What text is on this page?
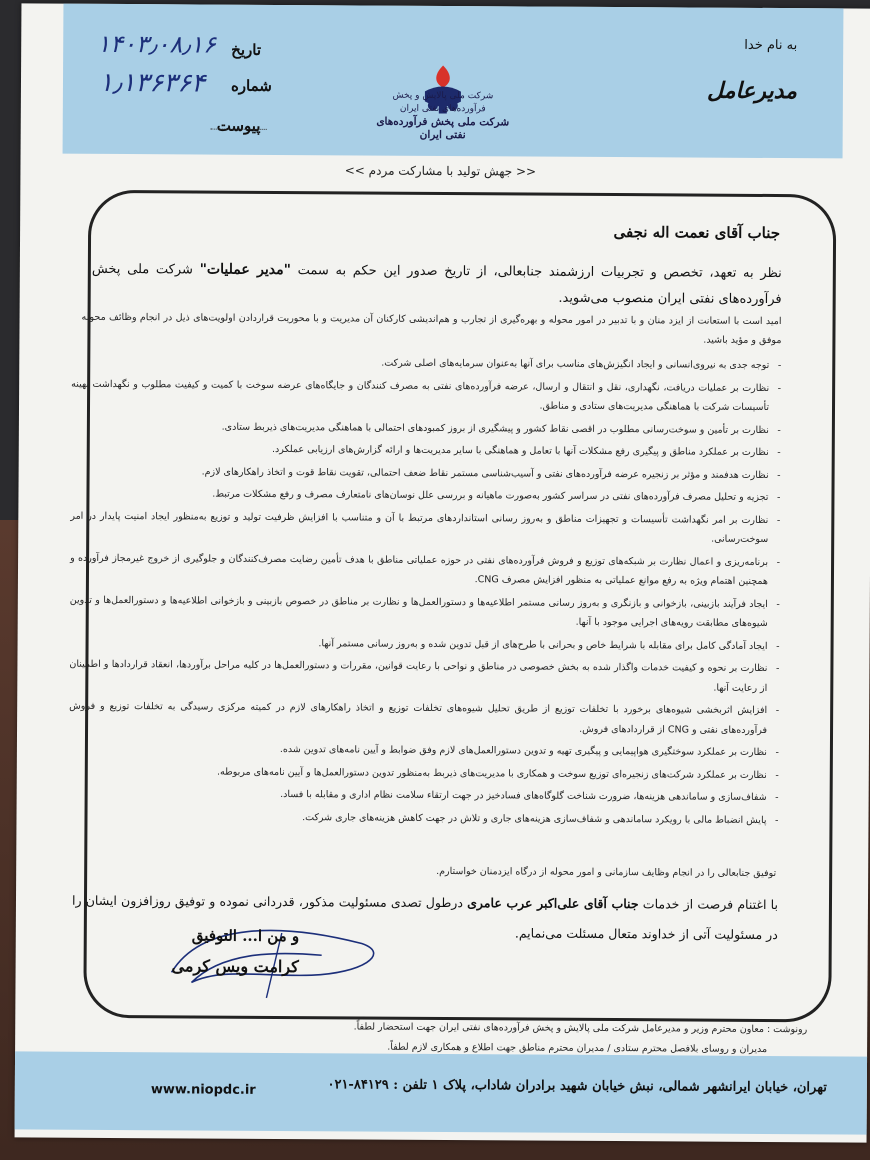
به نام خدا
مدیرعامل
تاریخ
۱۴۰۳٫۰۸٫۱۶
شماره
۱٫۱۳۶۳۶۴
پیوست
شرکت ملی پالایش و پخش فرآورده‌های نفتی ایران
شرکت ملی پخش فرآورده‌های نفتی ایران
<< جهش تولید با مشارکت مردم >>
جناب آقای نعمت اله نجفی
نظر به تعهد، تخصص و تجربیات ارزشمند جنابعالی، از تاریخ صدور این حکم به سمت "مدیر عملیات" شرکت ملی پخش فرآورده‌های نفتی ایران منصوب می‌شوید.
امید است با استعانت از ایزد منان و با تدبیر در امور محوله و بهره‌گیری از تجارب و هم‌اندیشی کارکنان آن مدیریت و با محوریت قراردادن اولویت‌های ذیل در انجام وظائف محوله موفق و مؤید باشید.
- توجه جدی به نیروی‌انسانی و ایجاد انگیزش‌های مناسب برای آنها به‌عنوان سرمایه‌های اصلی شرکت.
- نظارت بر عملیات دریافت، نگهداری، نقل و انتقال و ارسال، عرضه فرآورده‌های نفتی به مصرف کنندگان و جایگاه‌های عرضه سوخت با کمیت و کیفیت مطلوب و نگهداشت بهینه تأسیسات شرکت با هماهنگی مدیریت‌های ستادی و مناطق.
- نظارت بر تأمین و سوخت‌رسانی مطلوب در اقصی نقاط کشور و پیشگیری از بروز کمبودهای احتمالی با هماهنگی مدیریت‌های ذیربط ستادی.
- نظارت بر عملکرد مناطق و پیگیری رفع مشکلات آنها با تعامل و هماهنگی با سایر مدیریت‌ها و ارائه گزارش‌های ارزیابی عملکرد.
- نظارت هدفمند و مؤثر بر زنجیره عرضه فرآورده‌های نفتی و آسیب‌شناسی مستمر نقاط ضعف احتمالی، تقویت نقاط قوت و اتخاذ راهکارهای لازم.
- تجزیه و تحلیل مصرف فرآورده‌های نفتی در سراسر کشور به‌صورت ماهیانه و بررسی علل نوسان‌های نامتعارف مصرف و رفع مشکلات مرتبط.
- نظارت بر امر نگهداشت تأسیسات و تجهیزات مناطق و بەروز رسانی استانداردهای مرتبط با آن و متناسب با افزایش ظرفیت تولید و توزیع به‌منظور ایجاد امنیت پایدار در امر سوخت‌رسانی.
- برنامه‌ریزی و اعمال نظارت بر شبکه‌های توزیع و فروش فرآورده‌های نفتی در حوزه عملیاتی مناطق با هدف تأمین رضایت مصرف‌کنندگان و جلوگیری از خروج غیرمجاز فرآورده و همچنین اهتمام ویژه به رفع موانع عملیاتی به منظور افزایش مصرف CNG.
- ایجاد فرآیند بازبینی، بازخوانی و بازنگری و به‌روز رسانی مستمر اطلاعیه‌ها و دستورالعمل‌ها و نظارت بر مناطق در خصوص بازبینی و بازخوانی اطلاعیه‌ها و دستورالعمل‌ها و تدوین شیوه‌های مطابقت رویه‌های اجرایی موجود با آنها.
- ایجاد آمادگی کامل برای مقابله با شرایط خاص و بحرانی با طرح‌های از قبل تدوین شده و به‌روز رسانی مستمر آنها.
- نظارت بر نحوه و کیفیت خدمات واگذار شده به بخش خصوصی در مناطق و نواحی با رعایت قوانین، مقررات و دستورالعمل‌ها در کلیه مراحل برآوردها، انعقاد قراردادها و اطمینان از رعایت آنها.
- افزایش اثربخشی شیوه‌های برخورد با تخلفات توزیع از طریق تحلیل شیوه‌های تخلفات توزیع و اتخاذ راهکارهای لازم در کمیته مرکزی رسیدگی به تخلفات توزیع و فروش فرآورده‌های نفتی و CNG از قراردادهای فروش.
- نظارت بر عملکرد سوختگیری هواپیمایی و پیگیری تهیه و تدوین دستورالعمل‌های لازم وفق ضوابط و آیین نامه‌های تدوین شده.
- نظارت بر عملکرد شرکت‌های زنجیره‌ای توزیع سوخت و همکاری با مدیریت‌های ذیربط به‌منظور تدوین دستورالعمل‌ها و آیین نامه‌های مربوطه.
- شفاف‌سازی و ساماندهی هزینه‌ها، ضرورت شناخت گلوگاه‌های فسادخیز در جهت ارتقاء سلامت نظام اداری و مقابله با فساد.
- پایش انضباط مالی با رویکرد ساماندهی و شفاف‌سازی هزینه‌های جاری و تلاش در جهت کاهش هزینه‌های جاری شرکت.
توفیق جنابعالی را در انجام وظایف سازمانی و امور محوله از درگاه ایزدمنان خواستارم.
با اغتنام فرصت از خدمات جناب آقای علی‌اکبر عرب عامری درطول تصدی مسئولیت مذکور، قدردانی نموده و توفیق روزافزون ایشان را در مسئولیت آتی از خداوند متعال مسئلت می‌نمایم.
و من ا... التوفیق
کرامت ویس کرمی
رونوشت : معاون محترم وزیر و مدیرعامل شرکت ملی پالایش و پخش فرآورده‌های نفتی ایران جهت استحضار لطفاً.
مدیران و روسای بلافصل محترم ستادی / مدیران محترم مناطق جهت اطلاع و همکاری لازم لطفاً.
تهران، خیابان ایرانشهر شمالی، نبش خیابان شهید برادران شاداب، پلاک ۱ تلفن : ۸۴۱۲۹-۰۲۱
www.niopdc.ir
